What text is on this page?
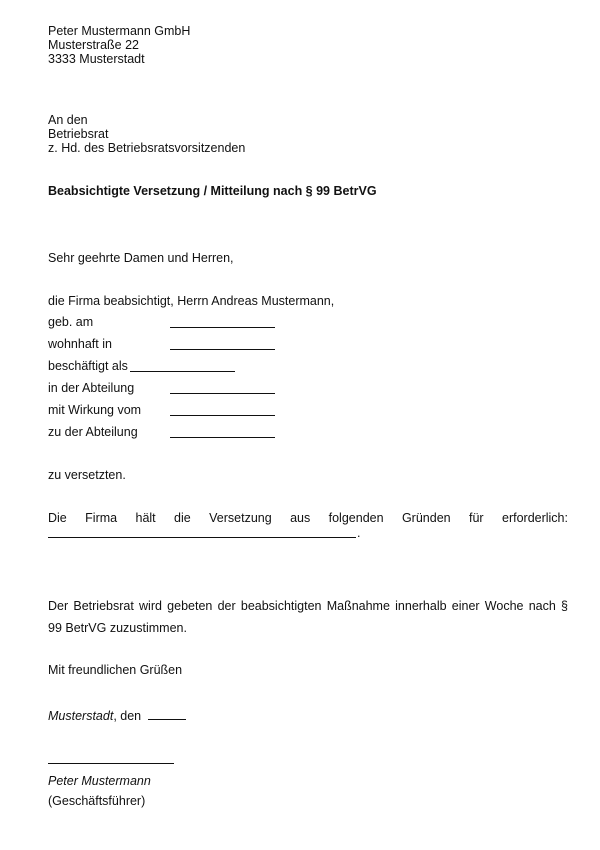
Peter Mustermann GmbH
Musterstraße 22
3333 Musterstadt
An den
Betriebsrat
z. Hd. des Betriebsratsvorsitzenden
Beabsichtigte Versetzung / Mitteilung nach § 99 BetrVG
Sehr geehrte Damen und Herren,
die Firma beabsichtigt, Herrn Andreas Mustermann,
geb. am
wohnhaft in
beschäftigt als
in der Abteilung
mit Wirkung vom
zu der Abteilung
zu versetzten.
Die Firma hält die Versetzung aus folgenden Gründen für erforderlich:
.
Der Betriebsrat wird gebeten der beabsichtigten Maßnahme innerhalb einer Woche nach §
99 BetrVG zuzustimmen.
Mit freundlichen Grüßen
Musterstadt, den
Peter Mustermann
(Geschäftsführer)
